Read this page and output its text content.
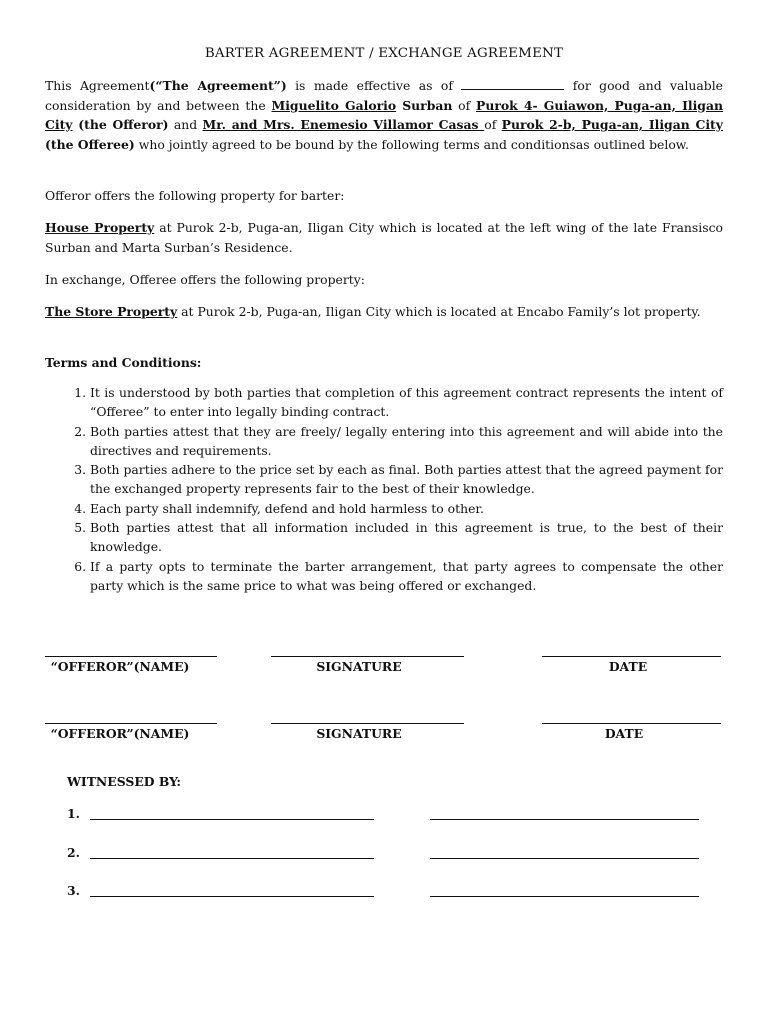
BARTER AGREEMENT / EXCHANGE AGREEMENT
This Agreement(“The Agreement”) is made effective as of	for good and valuable consideration by and between the Miguelito Galorio Surban of Purok 4- Guiawon, Puga-an, Iligan City (the Offeror) and Mr. and Mrs. Enemesio Villamor Casas of Purok 2-b, Puga-an, Iligan City (the Offeree) who jointly agreed to be bound by the following terms and conditionsas outlined below.
Offeror offers the following property for barter:
House Property at Purok 2-b, Puga-an, Iligan City which is located at the left wing of the late Fransisco Surban and Marta Surban’s Residence.
In exchange, Offeree offers the following property:
The Store Property at Purok 2-b, Puga-an, Iligan City which is located at Encabo Family’s lot property.
Terms and Conditions:
1. It is understood by both parties that completion of this agreement contract represents the intent of “Offeree” to enter into legally binding contract.
2. Both parties attest that they are freely/ legally entering into this agreement and will abide into the directives and requirements.
3. Both parties adhere to the price set by each as final. Both parties attest that the agreed payment for the exchanged property represents fair to the best of their knowledge.
4. Each party shall indemnify, defend and hold harmless to other.
5. Both parties attest that all information included in this agreement is true, to the best of their knowledge.
6. If a party opts to terminate the barter arrangement, that party agrees to compensate the other party which is the same price to what was being offered or exchanged.
“OFFEROR”(NAME)	SIGNATURE	DATE
“OFFEROR”(NAME)	SIGNATURE	DATE
WITNESSED BY:
1.
2.
3.
